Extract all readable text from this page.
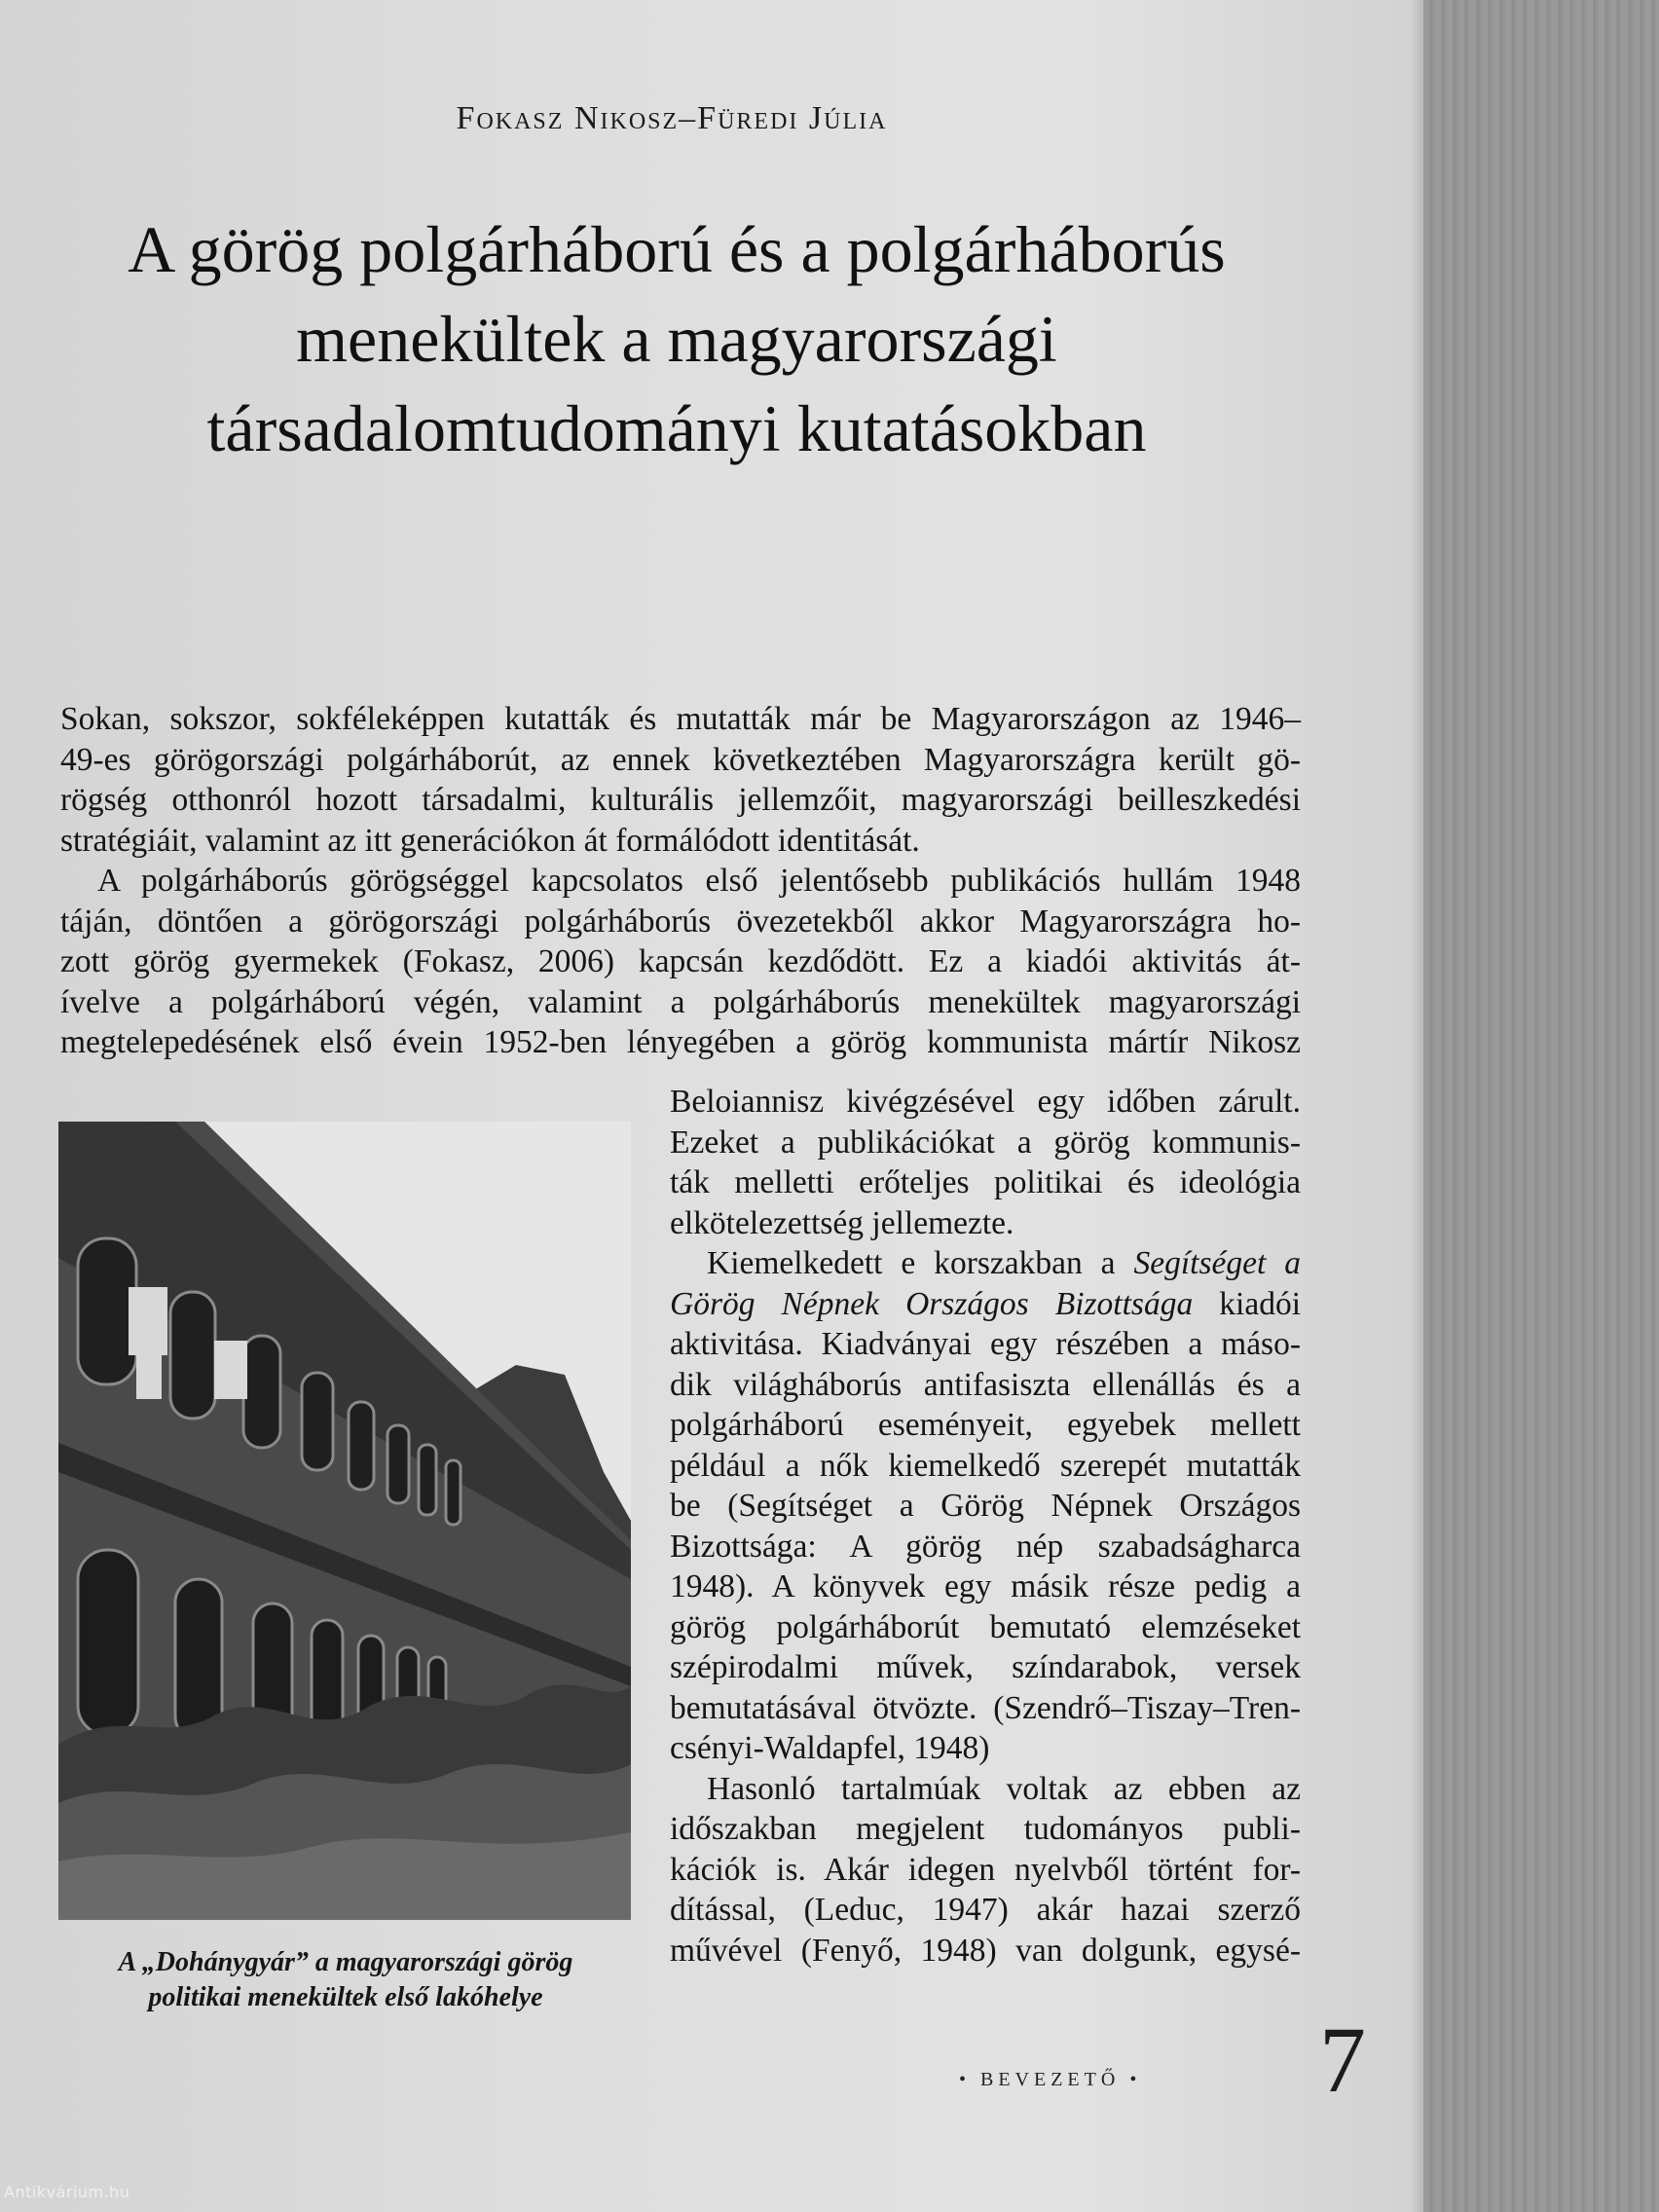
Fokasz Nikosz–Füredi Júlia
A görög polgárháború és a polgárháborús
menekültek a magyarországi
társadalomtudományi kutatásokban
Sokan, sokszor, sokféleképpen kutatták és mutatták már be Magyarországon az 1946–
49-es görögországi polgárháborút, az ennek következtében Magyarországra került gö-
rögség otthonról hozott társadalmi, kulturális jellemzőit, magyarországi beilleszkedési
stratégiáit, valamint az itt generációkon át formálódott identitását.
A polgárháborús görögséggel kapcsolatos első jelentősebb publikációs hullám 1948
táján, döntően a görögországi polgárháborús övezetekből akkor Magyarországra ho-
zott görög gyermekek (Fokasz, 2006) kapcsán kezdődött. Ez a kiadói aktivitás át-
ívelve a polgárháború végén, valamint a polgárháborús menekültek magyarországi
megtelepedésének első évein 1952-ben lényegében a görög kommunista mártír Nikosz
Beloiannisz kivégzésével egy időben zárult.
Ezeket a publikációkat a görög kommunis-
ták melletti erőteljes politikai és ideológia
elkötelezettség jellemezte.
Kiemelkedett e korszakban a Segítséget a
Görög Népnek Országos Bizottsága kiadói
aktivitása. Kiadványai egy részében a máso-
dik világháborús antifasiszta ellenállás és a
polgárháború eseményeit, egyebek mellett
például a nők kiemelkedő szerepét mutatták
be (Segítséget a Görög Népnek Országos
Bizottsága: A görög nép szabadságharca
1948). A könyvek egy másik része pedig a
görög polgárháborút bemutató elemzéseket
szépirodalmi művek, színdarabok, versek
bemutatásával ötvözte. (Szendrő–Tiszay–Tren-
csényi-Waldapfel, 1948)
Hasonló tartalmúak voltak az ebben az
időszakban megjelent tudományos publi-
kációk is. Akár idegen nyelvből történt for-
dítással, (Leduc, 1947) akár hazai szerző
művével (Fenyő, 1948) van dolgunk, egysé-
A „Dohánygyár” a magyarországi görög
politikai menekültek első lakóhelye
• BEVEZETŐ • 7
Antikvárium.hu
